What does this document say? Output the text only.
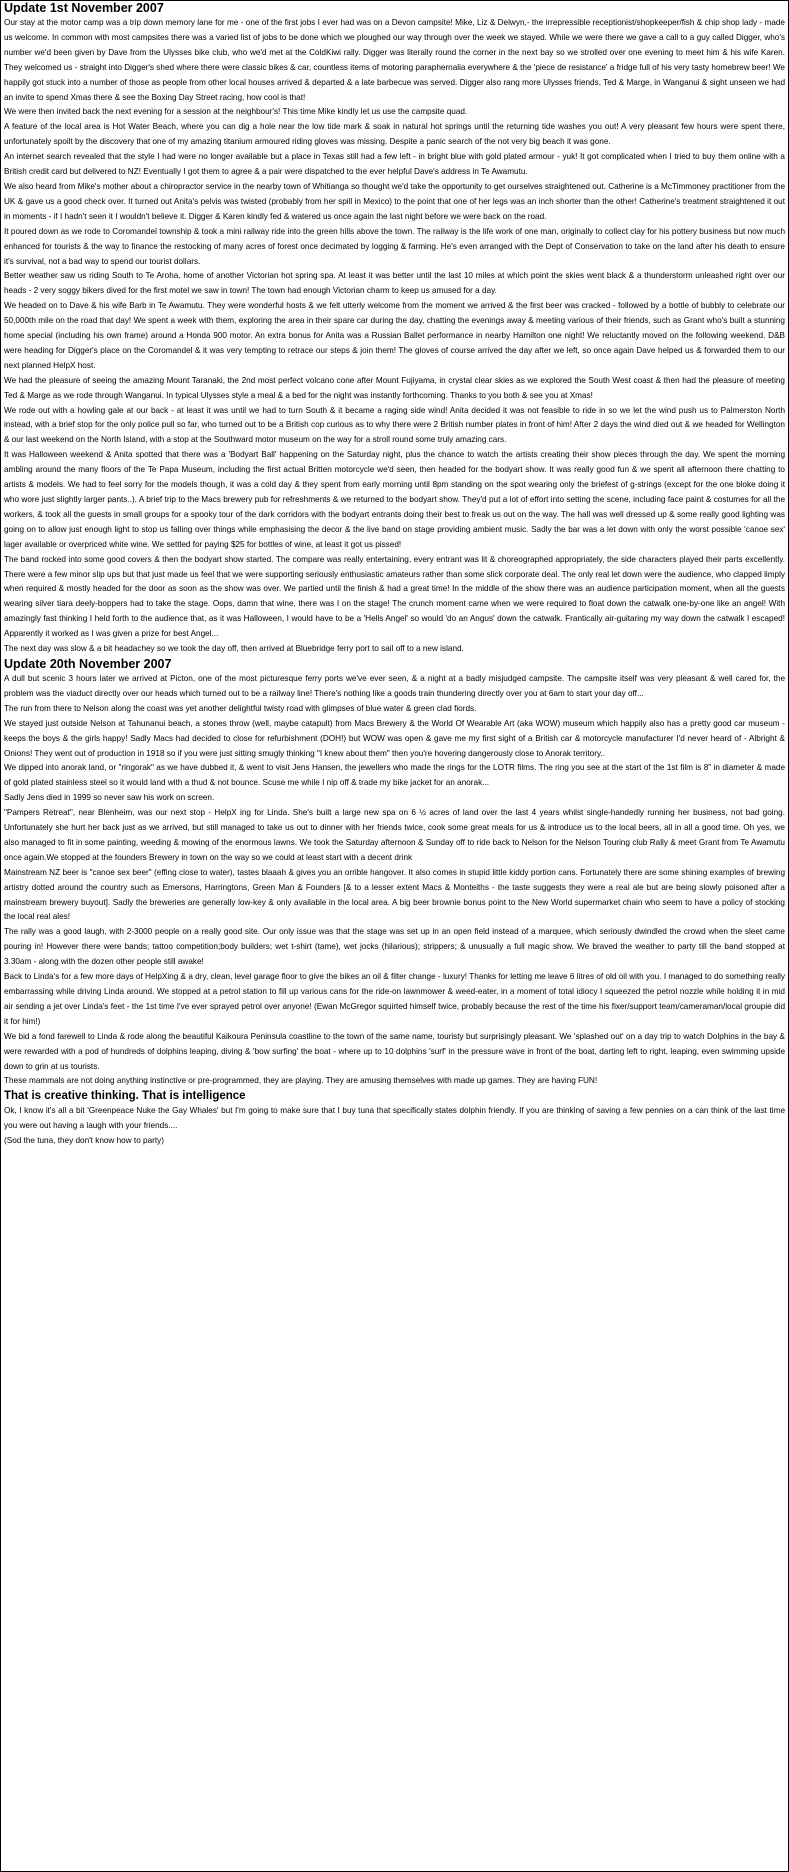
Update 1st November 2007

Our stay at the motor camp was a trip down memory lane for me - one of the first jobs I ever had was on a Devon campsite! Mike, Liz & Delwyn,- the irrepressible receptionist/shopkeeper/fish & chip shop lady - made us welcome. In common with most campsites there was a varied list of jobs to be done which we ploughed our way through over the week we stayed. While we were there we gave a call to a guy called Digger, who's number we'd been given by Dave from the Ulysses bike club, who we'd met at the ColdKiwi rally. Digger was literally round the corner in the next bay so we strolled over one evening to meet him & his wife Karen. They welcomed us - straight into Digger's shed where there were classic bikes & car, countless items of motoring paraphernalia everywhere & the 'piece de resistance' a fridge full of his very tasty homebrew beer! We happily got stuck into a number of those as people from other local houses arrived & departed & a late barbecue was served. Digger also rang more Ulysses friends, Ted & Marge, in Wanganui & sight unseen we had an invite to spend Xmas there & see the Boxing Day Street racing, how cool is that!

We were then invited back the next evening for a session at the neighbour's! This time Mike kindly let us use the campsite quad.

A feature of the local area is Hot Water Beach, where you can dig a hole near the low tide mark & soak in natural hot springs until the returning tide washes you out! A very pleasant few hours were spent there, unfortunately spoilt by the discovery that one of my amazing titanium armoured riding gloves was missing. Despite a panic search of the not very big beach it was gone.

An internet search revealed that the style I had were no longer available but a place in Texas still had a few left - in bright blue with gold plated armour - yuk! It got complicated when I tried to buy them online with a British credit card but delivered to NZ! Eventually I got them to agree & a pair were dispatched to the ever helpful Dave's address in Te Awamutu.

We also heard from Mike's mother about a chiropractor service in the nearby town of Whitianga so thought we'd take the opportunity to get ourselves straightened out. Catherine is a McTimmoney practitioner from the UK & gave us a good check over. It turned out Anita's pelvis was twisted (probably from her spill in Mexico) to the point that one of her legs was an inch shorter than the other! Catherine's treatment straightened it out in moments - if I hadn't seen it I wouldn't believe it. Digger & Karen kindly fed & watered us once again the last night before we were back on the road.

It poured down as we rode to Coromandel township & took a mini railway ride into the green hills above the town. The railway is the life work of one man, originally to collect clay for his pottery business but now much enhanced for tourists & the way to finance the restocking of many acres of forest once decimated by logging & farming. He's even arranged with the Dept of Conservation to take on the land after his death to ensure it's survival, not a bad way to spend our tourist dollars.

Better weather saw us riding South to Te Aroha, home of another Victorian hot spring spa. At least it was better until the last 10 miles at which point the skies went black & a thunderstorm unleashed right over our heads - 2 very soggy bikers dived for the first motel we saw in town! The town had enough Victorian charm to keep us amused for a day.

We headed on to Dave & his wife Barb in Te Awamutu. They were wonderful hosts & we felt utterly welcome from the moment we arrived & the first beer was cracked - followed by a bottle of bubbly to celebrate our 50,000th mile on the road that day! We spent a week with them, exploring the area in their spare car during the day, chatting the evenings away & meeting various of their friends, such as Grant who's built a stunning home special (including his own frame) around a Honda 900 motor. An extra bonus for Anita was a Russian Ballet performance in nearby Hamilton one night! We reluctantly moved on the following weekend. D&B were heading for Digger's place on the Coromandel & it was very tempting to retrace our steps & join them! The gloves of course arrived the day after we left, so once again Dave helped us & forwarded them to our next planned HelpX host.

We had the pleasure of seeing the amazing Mount Taranaki, the 2nd most perfect volcano cone after Mount Fujiyama, in crystal clear skies as we explored the South West coast & then had the pleasure of meeting Ted & Marge as we rode through Wanganui. In typical Ulysses style a meal & a bed for the night was instantly forthcoming. Thanks to you both & see you at Xmas!

We rode out with a howling gale at our back - at least it was until we had to turn South & it became a raging side wind! Anita decided it was not feasible to ride in so we let the wind push us to Palmerston North instead, with a brief stop for the only police pull so far, who turned out to be a British cop curious as to why there were 2 British number plates in front of him! After 2 days the wind died out & we headed for Wellington & our last weekend on the North Island, with a stop at the Southward motor museum on the way for a stroll round some truly amazing cars.

It was Halloween weekend & Anita spotted that there was a 'Bodyart Ball' happening on the Saturday night, plus the chance to watch the artists creating their show pieces through the day. We spent the morning ambling around the many floors of the Te Papa Museum, including the first actual Britten motorcycle we'd seen, then headed for the bodyart show. It was really good fun & we spent all afternoon there chatting to artists & models. We had to feel sorry for the models though, it was a cold day & they spent from early morning until 8pm standing on the spot wearing only the briefest of g-strings (except for the one bloke doing it who wore just slightly larger pants..). A brief trip to the Macs brewery pub for refreshments & we returned to the bodyart show. They'd put a lot of effort into setting the scene, including face paint & costumes for all the workers, & took all the guests in small groups for a spooky tour of the dark corridors with the bodyart entrants doing their best to freak us out on the way. The hall was well dressed up & some really good lighting was going on to allow just enough light to stop us falling over things while emphasising the decor & the live band on stage providing ambient music. Sadly the bar was a let down with only the worst possible 'canoe sex' lager available or overpriced white wine. We settled for paying $25 for bottles of wine, at least it got us pissed!

The band rocked into some good covers & then the bodyart show started. The compare was really entertaining, every entrant was lit & choreographed appropriately, the side characters played their parts excellently. There were a few minor slip ups but that just made us feel that we were supporting seriously enthusiastic amateurs rather than some slick corporate deal. The only real let down were the audience, who clapped limply when required & mostly headed for the door as soon as the show was over. We partied until the finish & had a great time! In the middle of the show there was an audience participation moment, when all the guests wearing silver tiara deely-boppers had to take the stage. Oops, damn that wine, there was I on the stage! The crunch moment came when we were required to float down the catwalk one-by-one like an angel! With amazingly fast thinking I held forth to the audience that, as it was Halloween, I would have to be a 'Hells Angel' so would 'do an Angus' down the catwalk. Frantically air-guitaring my way down the catwalk I escaped! Apparently it worked as I was given a prize for best Angel...

The next day was slow & a bit headachey so we took the day off, then arrived at Bluebridge ferry port to sail off to a new island.

Update 20th November 2007

A dull but scenic 3 hours later we arrived at Picton, one of the most picturesque ferry ports we've ever seen, & a night at a badly misjudged campsite. The campsite itself was very pleasant & well cared for, the problem was the viaduct directly over our heads which turned out to be a railway line! There's nothing like a goods train thundering directly over you at 6am to start your day off...

The run from there to Nelson along the coast was yet another delightful twisty road with glimpses of blue water & green clad fiords.

We stayed just outside Nelson at Tahunanui beach, a stones throw (well, maybe catapult) from Macs Brewery & the World Of Wearable Art (aka WOW) museum which happily also has a pretty good car museum - keeps the boys & the girls happy! Sadly Macs had decided to close for refurbishment (DOH!) but WOW was open & gave me my first sight of a British car & motorcycle manufacturer I'd never heard of - Albright & Onions! They went out of production in 1918 so if you were just sitting smugly thinking "I knew about them" then you're hovering dangerously close to Anorak territory..

We dipped into anorak land, or "ringorak" as we have dubbed it, & went to visit Jens Hansen, the jewellers who made the rings for the LOTR films. The ring you see at the start of the 1st film is 8" in diameter & made of gold plated stainless steel so it would land with a thud & not bounce. Scuse me while I nip off & trade my bike jacket for an anorak...

Sadly Jens died in 1999 so never saw his work on screen.

"Pampers Retreat", near Blenheim, was our next stop - HelpX ing for Linda. She's built a large new spa on 6 ½ acres of land over the last 4 years whilst single-handedly running her business, not bad going. Unfortunately she hurt her back just as we arrived, but still managed to take us out to dinner with her friends twice, cook some great meals for us & introduce us to the local beers, all in all a good time. Oh yes, we also managed to fit in some painting, weeding & mowing of the enormous lawns. We took the Saturday afternoon & Sunday off to ride back to Nelson for the Nelson Touring club Rally & meet Grant from Te Awamutu once again.We stopped at the founders Brewery in town on the way so we could at least start with a decent drink

Mainstream NZ beer is "canoe sex beer" (effing close to water), tastes blaaah & gives you an orrible hangover. It also comes in stupid little kiddy portion cans. Fortunately there are some shining examples of brewing artistry dotted around the country such as Emersons, Harringtons, Green Man & Founders [& to a lesser extent Macs & Monteiths - the taste suggests they were a real ale but are being slowly poisoned after a mainstream brewery buyout]. Sadly the breweries are generally low-key & only available in the local area. A big beer brownie bonus point to the New World supermarket chain who seem to have a policy of stocking the local real ales!

The rally was a good laugh, with 2-3000 people on a really good site. Our only issue was that the stage was set up in an open field instead of a marquee, which seriously dwindled the crowd when the sleet came pouring in! However there were bands; tattoo competition;body builders; wet t-shirt (tame), wet jocks (hilarious); strippers; & unusually a full magic show. We braved the weather to party till the band stopped at 3.30am - along with the dozen other people still awake!

Back to Linda's for a few more days of HelpXing & a dry, clean, level garage floor to give the bikes an oil & filter change - luxury! Thanks for letting me leave 6 litres of old oil with you. I managed to do something really embarrassing while driving Linda around. We stopped at a petrol station to fill up various cans for the ride-on lawnmower & weed-eater, in a moment of total idiocy I squeezed the petrol nozzle while holding it in mid air sending a jet over Linda's feet - the 1st time I've ever sprayed petrol over anyone! (Ewan McGregor squirted himself twice, probably because the rest of the time his fixer/support team/cameraman/local groupie did it for him!)

We bid a fond farewell to Linda & rode along the beautiful Kaikoura Peninsula coastline to the town of the same name, touristy but surprisingly pleasant. We 'splashed out' on a day trip to watch Dolphins in the bay & were rewarded with a pod of hundreds of dolphins leaping, diving & 'bow surfing' the boat - where up to 10 dolphins 'surf' in the pressure wave in front of the boat, darting left to right, leaping, even swimming upside down to grin at us tourists.

These mammals are not doing anything instinctive or pre-programmed, they are playing. They are amusing themselves with made up games. They are having FUN!

That is creative thinking. That is intelligence

Ok, I know it's all a bit 'Greenpeace Nuke the Gay Whales' but I'm going to make sure that I buy tuna that specifically states dolphin friendly. If you are thinking of saving a few pennies on a can think of the last time you were out having a laugh with your friends....

(Sod the tuna, they don't know how to party)
